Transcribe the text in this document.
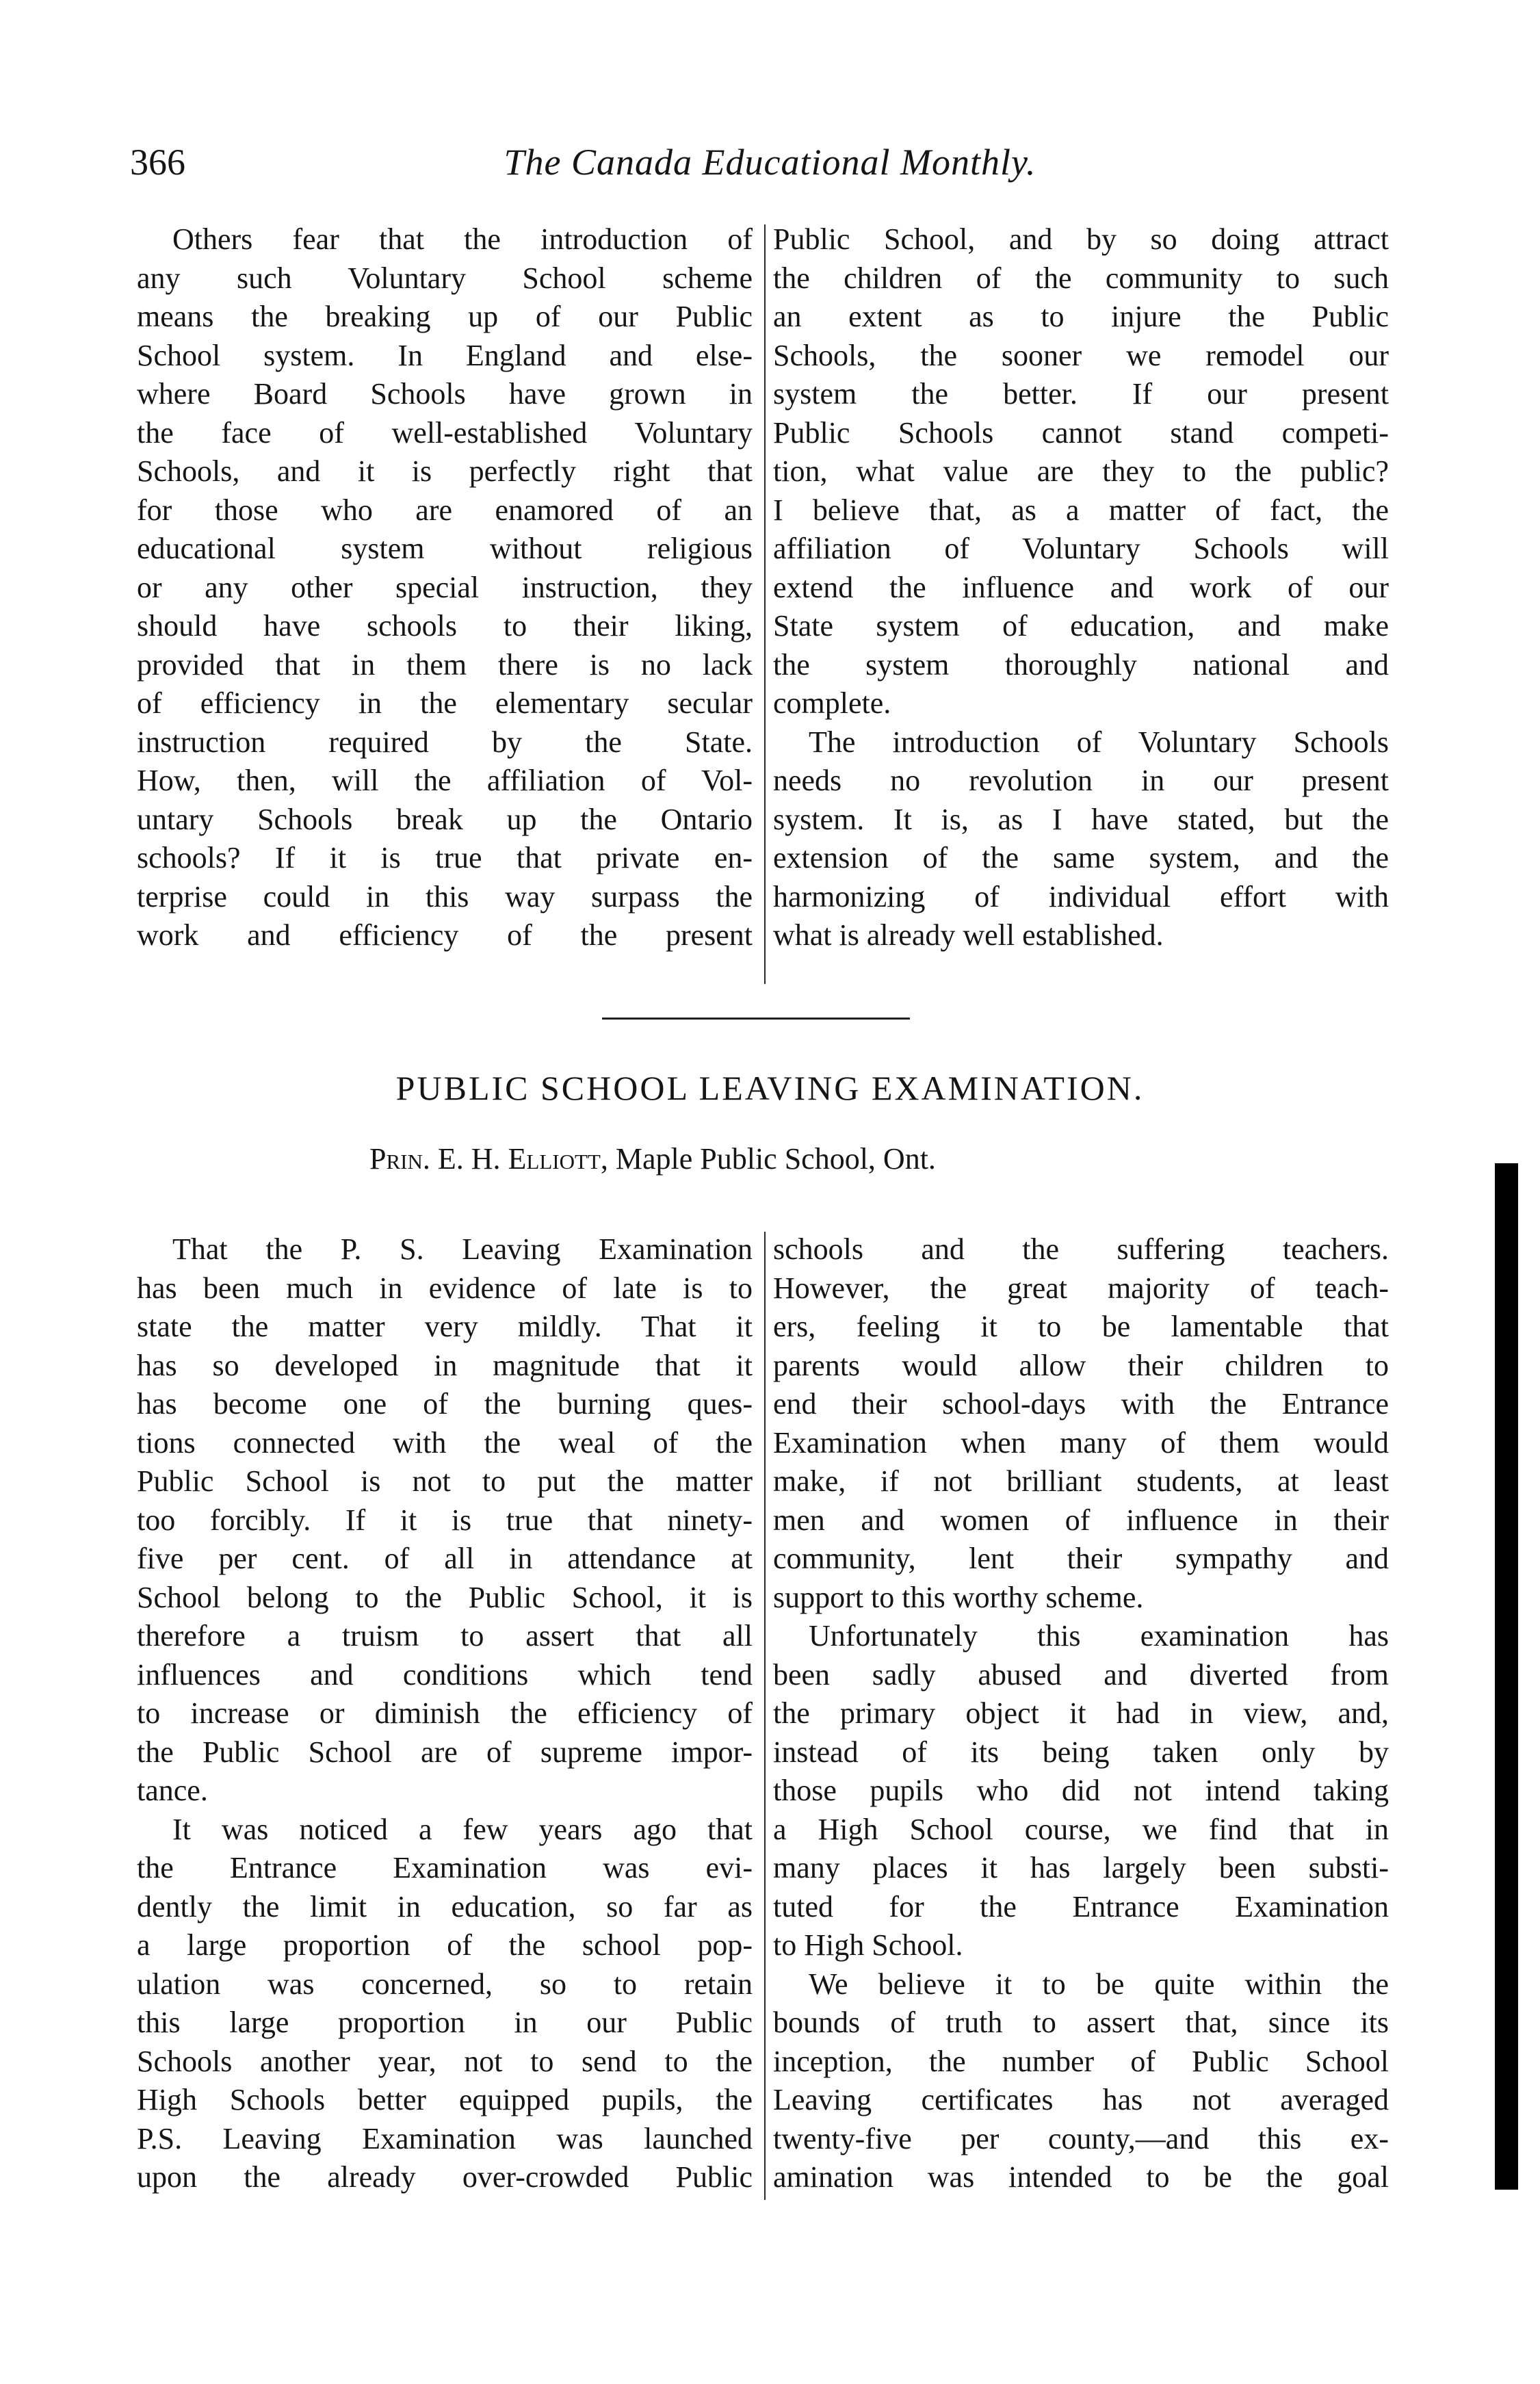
366	The Canada Educational Monthly.
Others fear that the introduction of
any such Voluntary School scheme
means the breaking up of our Public
School system. In England and else-
where Board Schools have grown in
the face of well-established Voluntary
Schools, and it is perfectly right that
for those who are enamored of an
educational system without religious
or any other special instruction, they
should have schools to their liking,
provided that in them there is no lack
of efficiency in the elementary secular
instruction required by the State.
How, then, will the affiliation of Vol-
untary Schools break up the Ontario
schools? If it is true that private en-
terprise could in this way surpass the
work and efficiency of the present
Public School, and by so doing attract
the children of the community to such
an extent as to injure the Public
Schools, the sooner we remodel our
system the better. If our present
Public Schools cannot stand competi-
tion, what value are they to the public?
I believe that, as a matter of fact, the
affiliation of Voluntary Schools will
extend the influence and work of our
State system of education, and make
the system thoroughly national and
complete.
The introduction of Voluntary Schools
needs no revolution in our present
system. It is, as I have stated, but the
extension of the same system, and the
harmonizing of individual effort with
what is already well established.
PUBLIC SCHOOL LEAVING EXAMINATION.
Prin. E. H. Elliott, Maple Public School, Ont.
That the P. S. Leaving Examination
has been much in evidence of late is to
state the matter very mildly. That it
has so developed in magnitude that it
has become one of the burning ques-
tions connected with the weal of the
Public School is not to put the matter
too forcibly. If it is true that ninety-
five per cent. of all in attendance at
School belong to the Public School, it is
therefore a truism to assert that all
influences and conditions which tend
to increase or diminish the efficiency of
the Public School are of supreme impor-
tance.
It was noticed a few years ago that
the Entrance Examination was evi-
dently the limit in education, so far as
a large proportion of the school pop-
ulation was concerned, so to retain
this large proportion in our Public
Schools another year, not to send to the
High Schools better equipped pupils, the
P.S. Leaving Examination was launched
upon the already over-crowded Public
schools and the suffering teachers.
However, the great majority of teach-
ers, feeling it to be lamentable that
parents would allow their children to
end their school-days with the Entrance
Examination when many of them would
make, if not brilliant students, at least
men and women of influence in their
community, lent their sympathy and
support to this worthy scheme.
Unfortunately this examination has
been sadly abused and diverted from
the primary object it had in view, and,
instead of its being taken only by
those pupils who did not intend taking
a High School course, we find that in
many places it has largely been substi-
tuted for the Entrance Examination
to High School.
We believe it to be quite within the
bounds of truth to assert that, since its
inception, the number of Public School
Leaving certificates has not averaged
twenty-five per county,—and this ex-
amination was intended to be the goal
